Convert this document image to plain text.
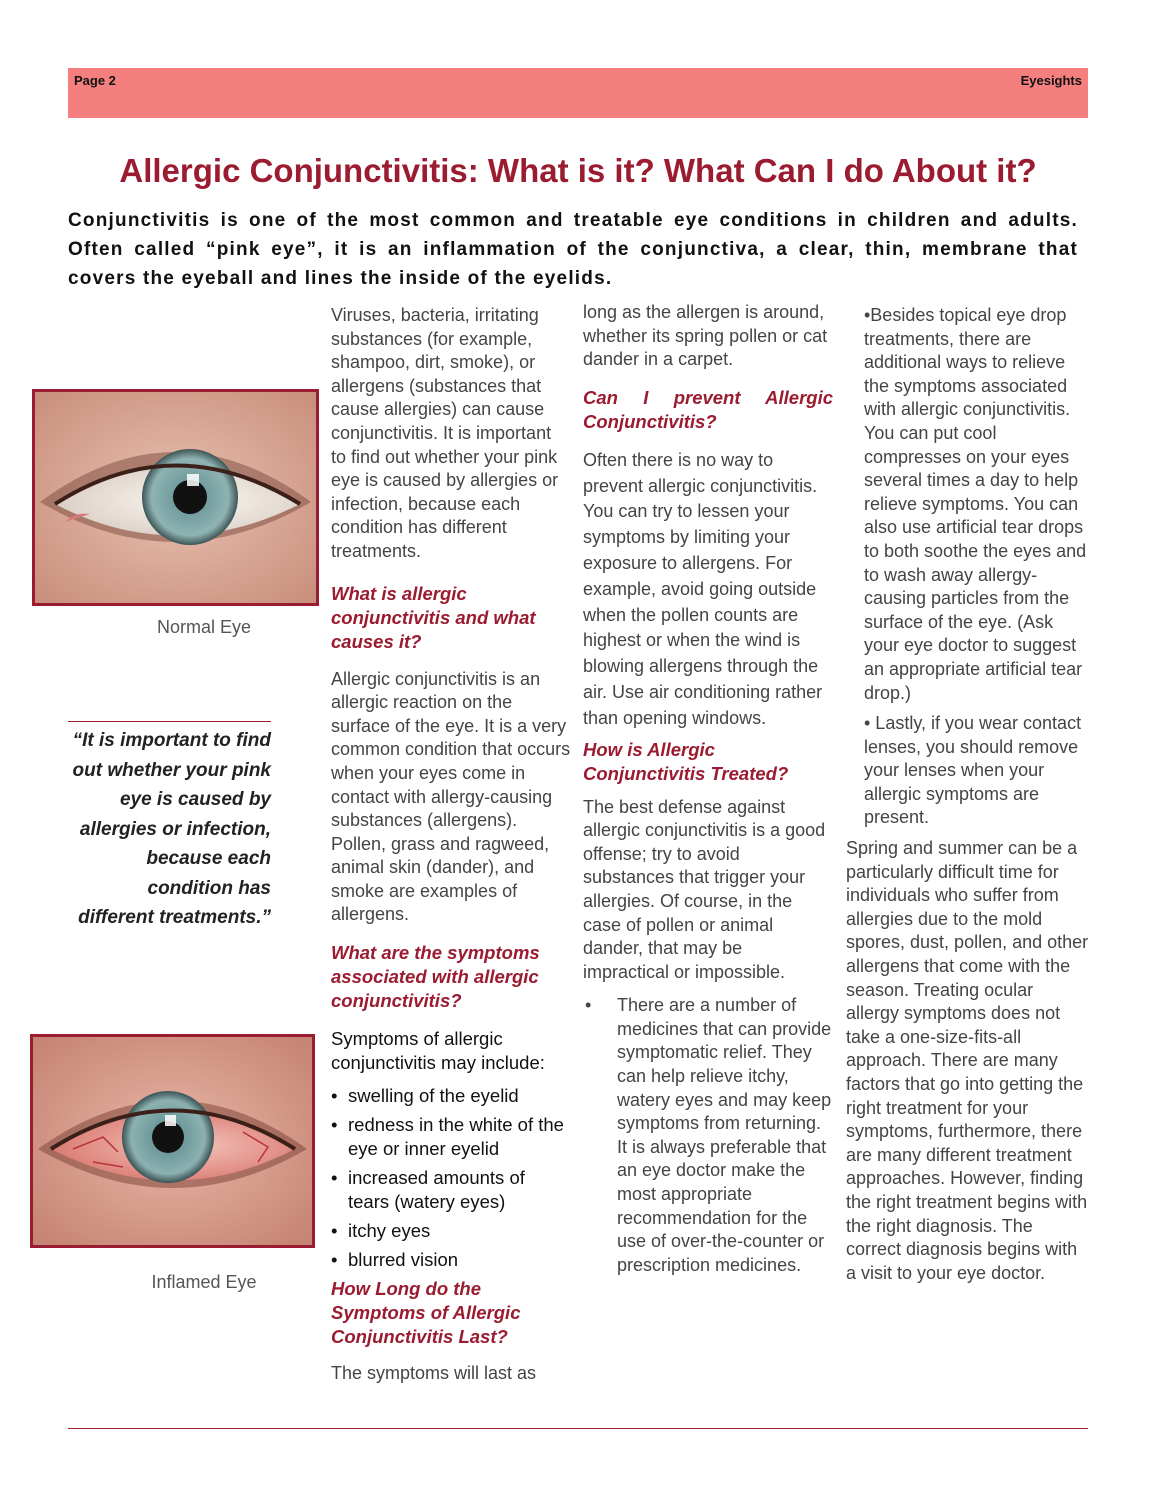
Page 2	Eyesights
Allergic Conjunctivitis: What is it? What Can I do About it?

Conjunctivitis is one of the most common and treatable eye conditions in children and adults. Often called “pink eye”, it is an inflammation of the conjunctiva, a clear, thin, membrane that covers the eyeball and lines the inside of the eyelids.

Normal Eye
“It is important to find out whether your pink eye is caused by allergies or infection, because each condition has different treatments.”
Inflamed Eye

Viruses, bacteria, irritating substances (for example, shampoo, dirt, smoke), or allergens (substances that cause allergies) can cause conjunctivitis. It is important to find out whether your pink eye is caused by allergies or infection, because each condition has different treatments.

What is allergic conjunctivitis and what causes it?

Allergic conjunctivitis is an allergic reaction on the surface of the eye. It is a very common condition that occurs when your eyes come in contact with allergy-causing substances (allergens). Pollen, grass and ragweed, animal skin (dander), and smoke are examples of allergens.

What are the symptoms associated with allergic conjunctivitis?

Symptoms of allergic conjunctivitis may include:

• swelling of the eyelid
• redness in the white of the eye or inner eyelid
• increased amounts of tears (watery eyes)
• itchy eyes
• blurred vision
How Long do the Symptoms of Allergic Conjunctivitis Last?

The symptoms will last as

long as the allergen is around, whether its spring pollen or cat dander in a carpet.

Can I prevent Allergic Conjunctivitis?

Often there is no way to prevent allergic conjunctivitis. You can try to lessen your symptoms by limiting your exposure to allergens. For example, avoid going outside when the pollen counts are highest or when the wind is blowing allergens through the air. Use air conditioning rather than opening windows.

How is Allergic Conjunctivitis Treated?

The best defense against allergic conjunctivitis is a good offense; try to avoid substances that trigger your allergies. Of course, in the case of pollen or animal dander, that may be impractical or impossible.

• There are a number of medicines that can provide symptomatic relief. They can help relieve itchy, watery eyes and may keep symptoms from returning. It is always preferable that an eye doctor make the most appropriate recommendation for the use of over-the-counter or prescription medicines.

•Besides topical eye drop treatments, there are additional ways to relieve the symptoms associated with allergic conjunctivitis. You can put cool compresses on your eyes several times a day to help relieve symptoms. You can also use artificial tear drops to both soothe the eyes and to wash away allergy-causing particles from the surface of the eye. (Ask your eye doctor to suggest an appropriate artificial tear drop.)

• Lastly, if you wear contact lenses, you should remove your lenses when your allergic symptoms are present.

Spring and summer can be a particularly difficult time for individuals who suffer from allergies due to the mold spores, dust, pollen, and other allergens that come with the season. Treating ocular allergy symptoms does not take a one-size-fits-all approach. There are many factors that go into getting the right treatment for your symptoms, furthermore, there are many different treatment approaches. However, finding the right treatment begins with the right diagnosis. The correct diagnosis begins with a visit to your eye doctor.
